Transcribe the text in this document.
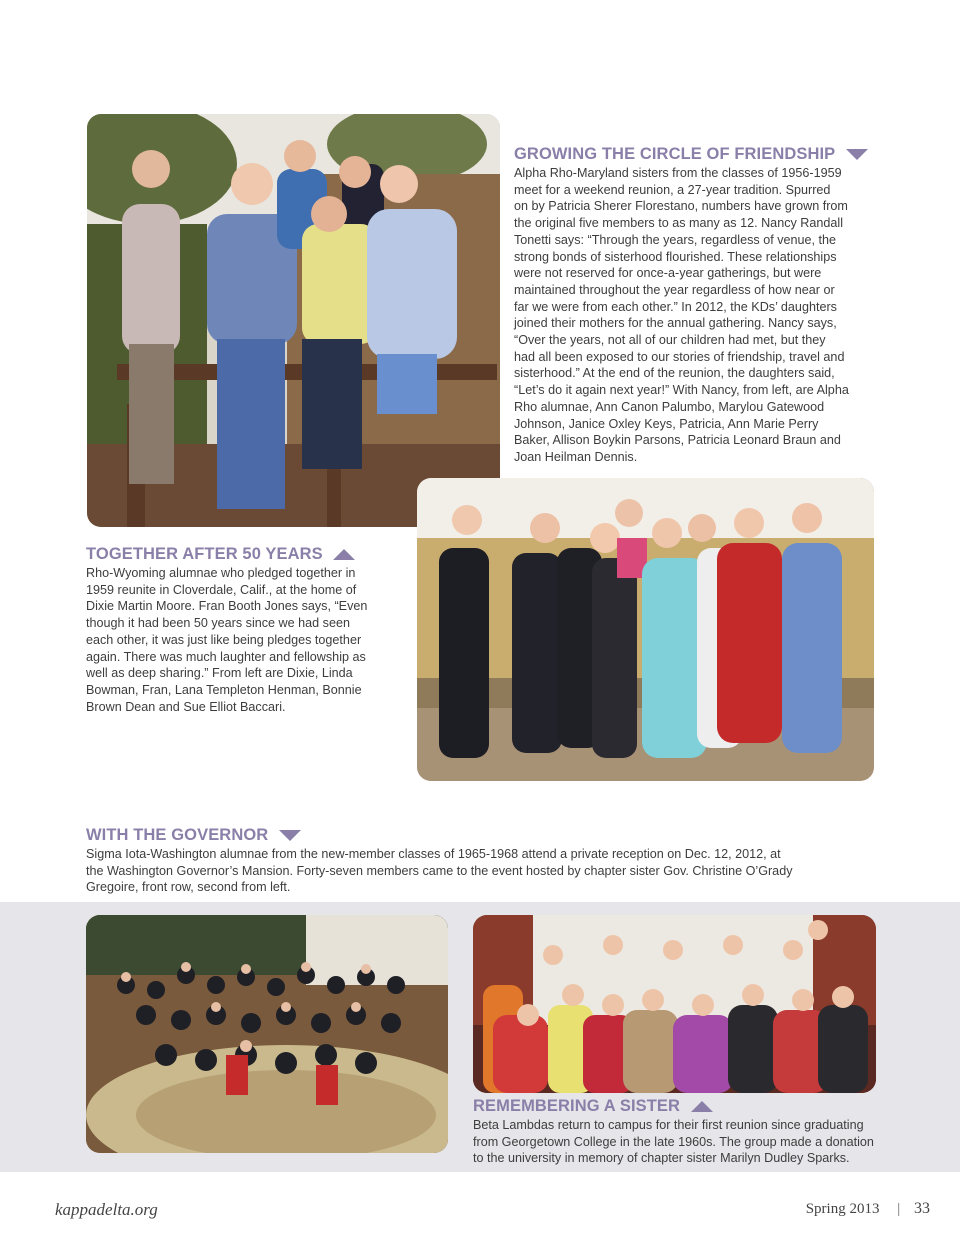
GROWING THE CIRCLE OF FRIENDSHIP
Alpha Rho-Maryland sisters from the classes of 1956-1959
meet for a weekend reunion, a 27-year tradition. Spurred
on by Patricia Sherer Florestano, numbers have grown from
the original five members to as many as 12. Nancy Randall
Tonetti says: “Through the years, regardless of venue, the
strong bonds of sisterhood flourished. These relationships
were not reserved for once-a-year gatherings, but were
maintained throughout the year regardless of how near or
far we were from each other.” In 2012, the KDs’ daughters
joined their mothers for the annual gathering. Nancy says,
“Over the years, not all of our children had met, but they
had all been exposed to our stories of friendship, travel and
sisterhood.” At the end of the reunion, the daughters said,
“Let’s do it again next year!” With Nancy, from left, are Alpha
Rho alumnae, Ann Canon Palumbo, Marylou Gatewood
Johnson, Janice Oxley Keys, Patricia, Ann Marie Perry
Baker, Allison Boykin Parsons, Patricia Leonard Braun and
Joan Heilman Dennis.
TOGETHER AFTER 50 YEARS
Rho-Wyoming alumnae who pledged together in
1959 reunite in Cloverdale, Calif., at the home of
Dixie Martin Moore. Fran Booth Jones says, “Even
though it had been 50 years since we had seen
each other, it was just like being pledges together
again. There was much laughter and fellowship as
well as deep sharing.” From left are Dixie, Linda
Bowman, Fran, Lana Templeton Henman, Bonnie
Brown Dean and Sue Elliot Baccari.
WITH THE GOVERNOR
Sigma Iota-Washington alumnae from the new-member classes of 1965-1968 attend a private reception on Dec. 12, 2012, at
the Washington Governor’s Mansion. Forty-seven members came to the event hosted by chapter sister Gov. Christine O’Grady
Gregoire, front row, second from left.
REMEMBERING A SISTER
Beta Lambdas return to campus for their first reunion since graduating
from Georgetown College in the late 1960s. The group made a donation
to the university in memory of chapter sister Marilyn Dudley Sparks.
kappadelta.org	Spring 2013 | 33
